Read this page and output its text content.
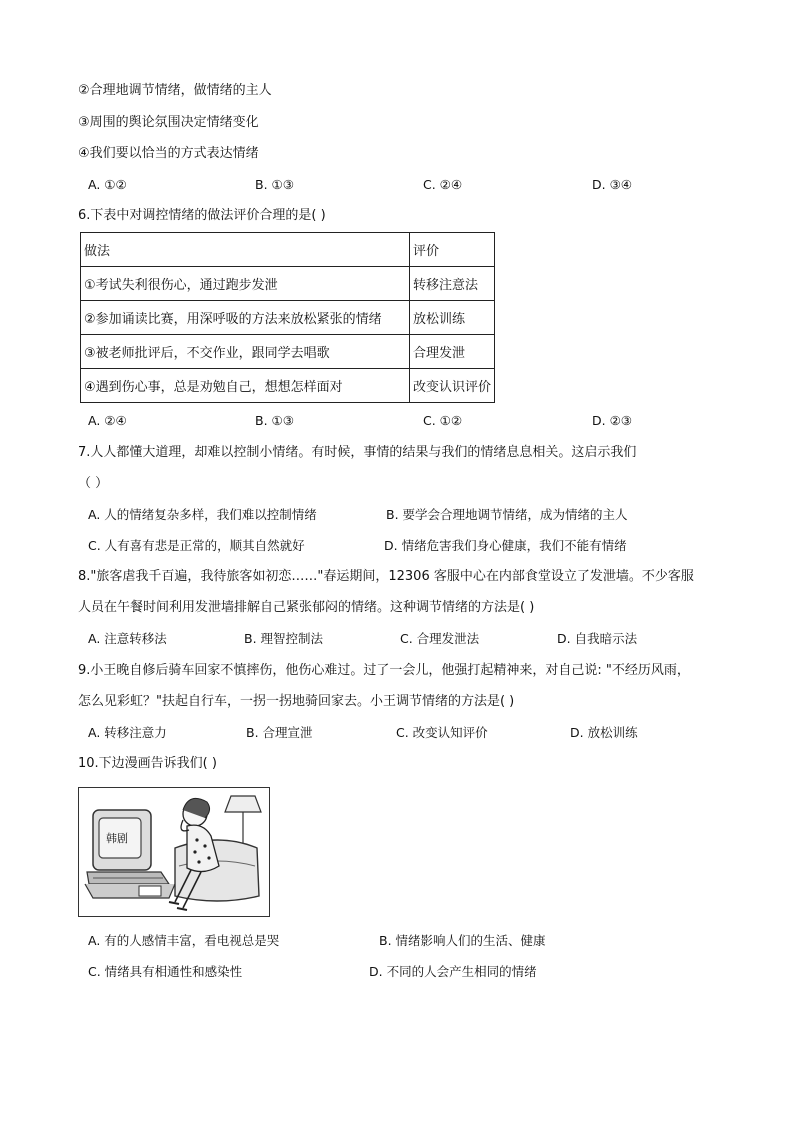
②合理地调节情绪，做情绪的主人
③周围的舆论氛围决定情绪变化
④我们要以恰当的方式表达情绪
A. ①②	B. ①③	C. ②④	D. ③④
6.下表中对调控情绪的做法评价合理的是( )
做法	评价
①考试失利很伤心，通过跑步发泄	转移注意法
②参加诵读比赛，用深呼吸的方法来放松紧张的情绪	放松训练
③被老师批评后，不交作业，跟同学去唱歌	合理发泄
④遇到伤心事，总是劝勉自己，想想怎样面对	改变认识评价
A. ②④	B. ①③	C. ①②	D. ②③
7.人人都懂大道理，却难以控制小情绪。有时候，事情的结果与我们的情绪息息相关。这启示我们
（ ）
A. 人的情绪复杂多样，我们难以控制情绪	B. 要学会合理地调节情绪，成为情绪的主人
C. 人有喜有悲是正常的，顺其自然就好	D. 情绪危害我们身心健康，我们不能有情绪
8."旅客虐我千百遍，我待旅客如初恋……"春运期间，12306 客服中心在内部食堂设立了发泄墙。不少客服
人员在午餐时间利用发泄墙排解自己紧张郁闷的情绪。这种调节情绪的方法是( )
A. 注意转移法	B. 理智控制法	C. 合理发泄法	D. 自我暗示法
9.小王晚自修后骑车回家不慎摔伤，他伤心难过。过了一会儿，他强打起精神来，对自己说: "不经历风雨，
怎么见彩虹？"扶起自行车，一拐一拐地骑回家去。小王调节情绪的方法是( )
A. 转移注意力	B. 合理宣泄	C. 改变认知评价	D. 放松训练
10.下边漫画告诉我们( )
韩剧
A. 有的人感情丰富，看电视总是哭	B. 情绪影响人们的生活、健康
C. 情绪具有相通性和感染性	D. 不同的人会产生相同的情绪
